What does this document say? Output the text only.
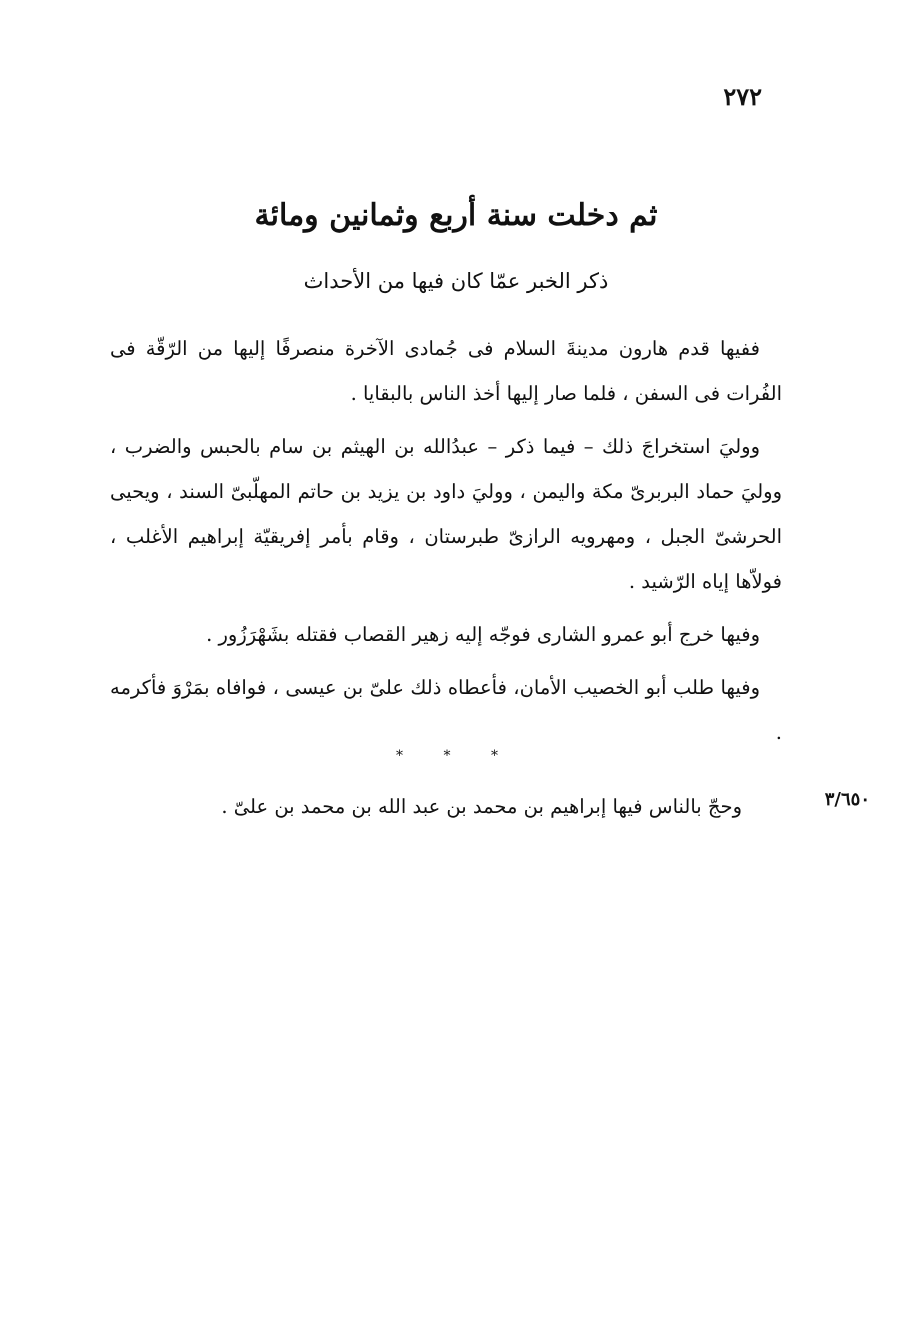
٢٧٢
ثم دخلت سنة أربع وثمانين ومائة
ذكر الخبر عمّا كان فيها من الأحداث

ففيها قدم هارون مدينةَ السلام فى جُمادى الآخرة منصرفًا إليها من الرّقّة فى الفُرات فى السفن ، فلما صار إليها أخذ الناس بالبقايا .

ووليَ استخراجَ ذلك – فيما ذكر – عبدُالله بن الهيثم بن سام بالحبس والضرب ، ووليَ حماد البربرىّ مكة واليمن ، ووليَ داود بن يزيد بن حاتم المهلّبىّ السند ، ويحيى الحرشىّ الجبل ، ومهرويه الرازىّ طبرستان ، وقام بأمر إفريقيّة إبراهيم الأغلب ، فولاّها إياه الرّشيد .

وفيها خرج أبو عمرو الشارى فوجّه إليه زهير القصاب فقتله بشَهْرَزُور .

وفيها طلب أبو الخصيب الأمان، فأعطاه ذلك علىّ بن عيسى ، فوافاه بمَرْوَ فأكرمه .

* * *
وحجّ بالناس فيها إبراهيم بن محمد بن عبد الله بن محمد بن علىّ .	٣/٦٥٠
